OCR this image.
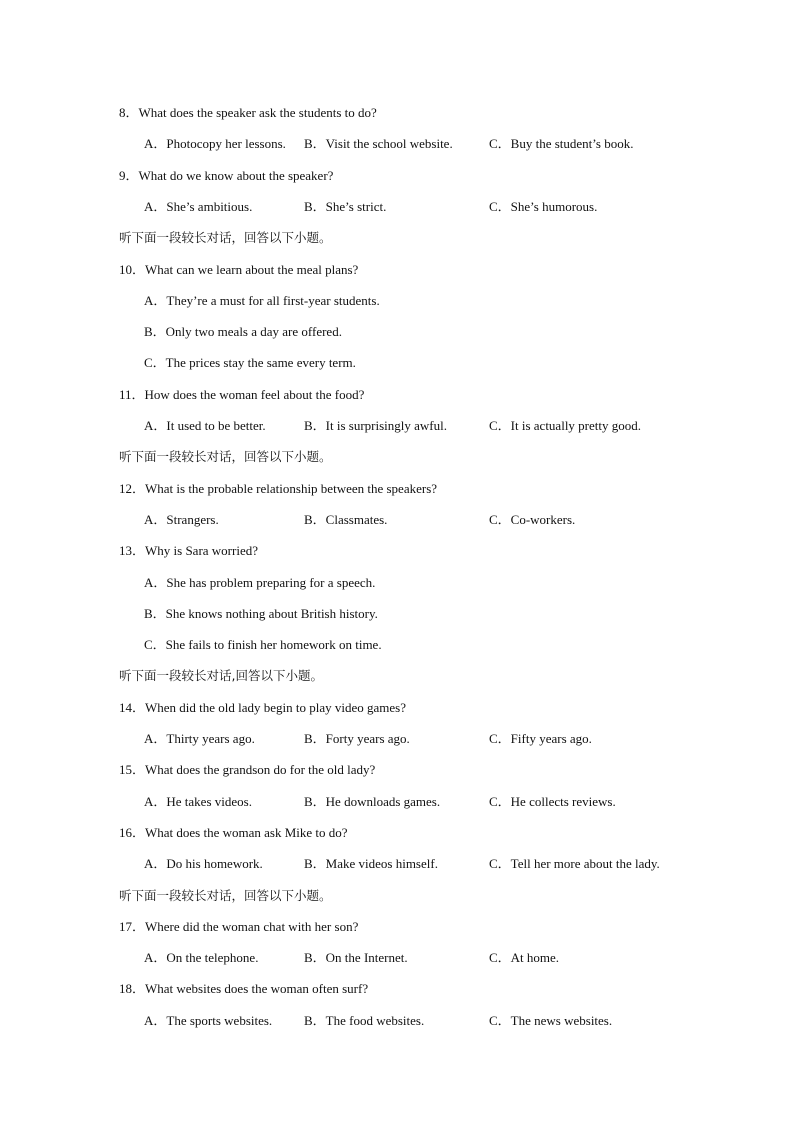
8．What does the speaker ask the students to do?
A．Photocopy her lessons. B．Visit the school website.	C．Buy the student’s book.
9．What do we know about the speaker?
A．She’s ambitious.	B．She’s strict.	C．She’s humorous.
听下面一段较长对话，回答以下小题。
10．What can we learn about the meal plans?
A．They’re a must for all first-year students.
B．Only two meals a day are offered.
C．The prices stay the same every term.
11．How does the woman feel about the food?
A．It used to be better.	B．It is surprisingly awful.	C．It is actually pretty good.
听下面一段较长对话，回答以下小题。
12．What is the probable relationship between the speakers?
A．Strangers.	B．Classmates.	C．Co-workers.
13．Why is Sara worried?
A．She has problem preparing for a speech.
B．She knows nothing about British history.
C．She fails to finish her homework on time.
听下面一段较长对话,回答以下小题。
14．When did the old lady begin to play video games?
A．Thirty years ago.	B．Forty years ago.	C．Fifty years ago.
15．What does the grandson do for the old lady?
A．He takes videos.	B．He downloads games.	C．He collects reviews.
16．What does the woman ask Mike to do?
A．Do his homework.	B．Make videos himself.	C．Tell her more about the lady.
听下面一段较长对话，回答以下小题。
17．Where did the woman chat with her son?
A．On the telephone.	B．On the Internet.	C．At home.
18．What websites does the woman often surf?
A．The sports websites. B．The food websites.	C．The news websites.
